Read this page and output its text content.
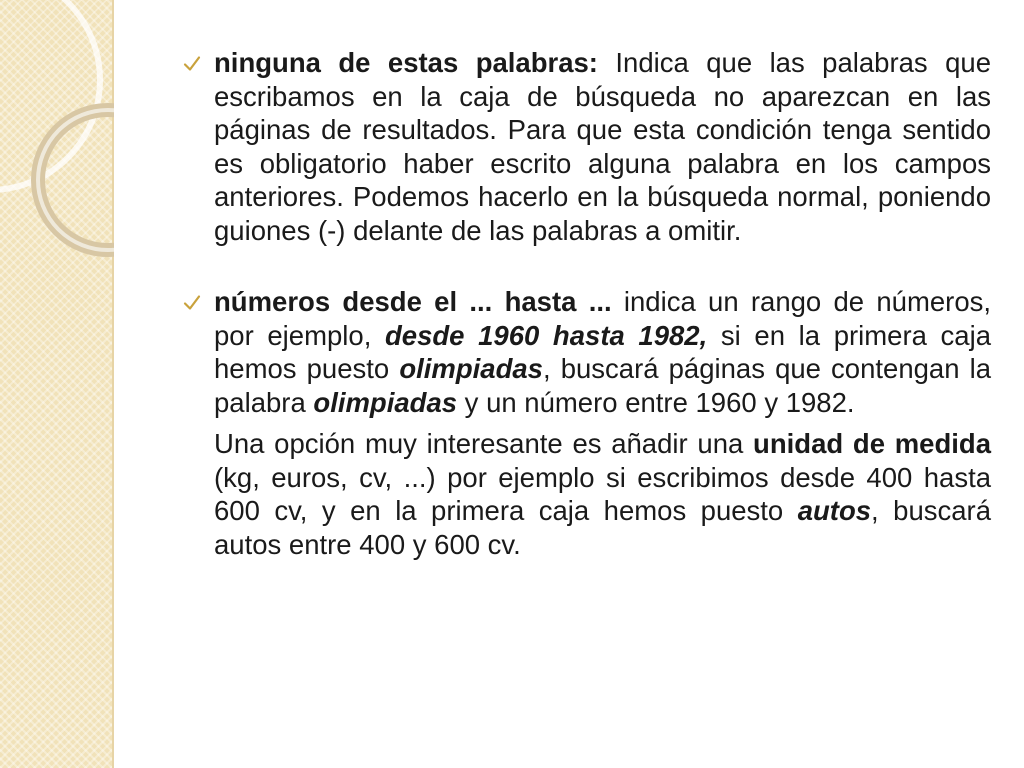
ninguna de estas palabras: Indica que las palabras que escribamos en la caja de búsqueda no aparezcan en las páginas de resultados. Para que esta condición tenga sentido es obligatorio haber escrito alguna palabra en los campos anteriores. Podemos hacerlo en la búsqueda normal, poniendo guiones (-) delante de las palabras a omitir.
números desde el ... hasta ... indica un rango de números, por ejemplo, desde 1960 hasta 1982, si en la primera caja hemos puesto olimpiadas, buscará páginas que contengan la palabra olimpiadas y un número entre 1960 y 1982.
Una opción muy interesante es añadir una unidad de medida (kg, euros, cv, ...) por ejemplo si escribimos desde 400 hasta 600 cv, y en la primera caja hemos puesto autos, buscará autos entre 400 y 600 cv.
